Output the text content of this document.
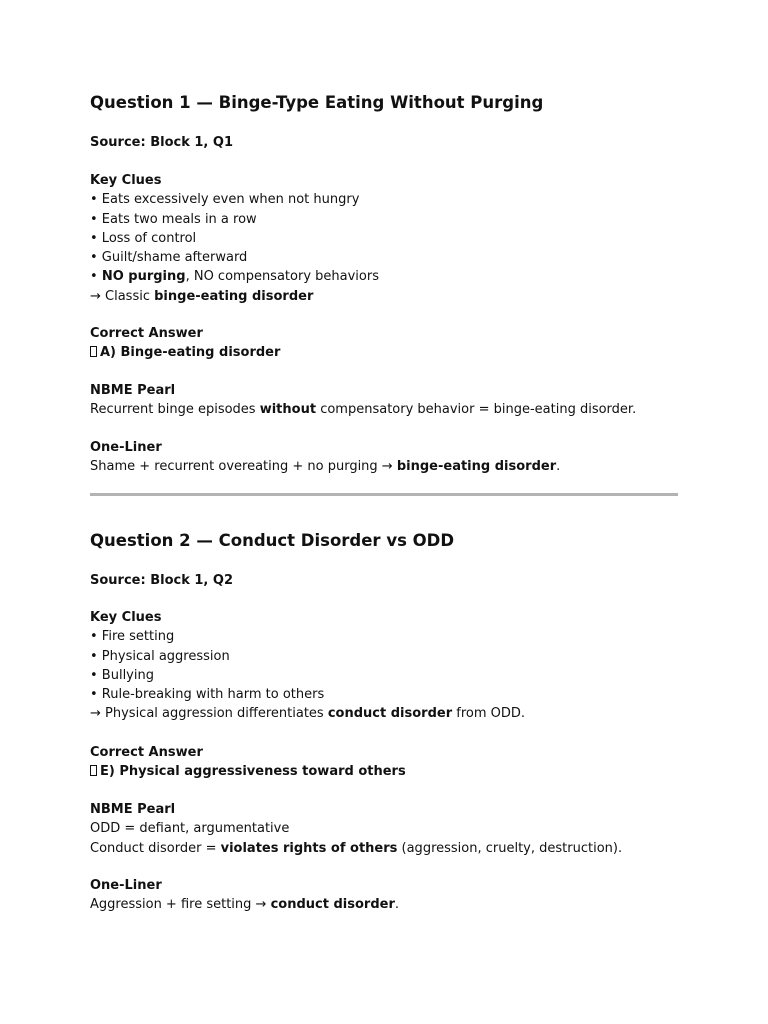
Question 1 — Binge-Type Eating Without Purging

Source: Block 1, Q1

Key Clues

• Eats excessively even when not hungry

• Eats two meals in a row

• Loss of control

• Guilt/shame afterward

• NO purging, NO compensatory behaviors

→ Classic binge-eating disorder

Correct Answer

A) Binge-eating disorder

NBME Pearl

Recurrent binge episodes without compensatory behavior = binge-eating disorder.

One-Liner

Shame + recurrent overeating + no purging → binge-eating disorder.

Question 2 — Conduct Disorder vs ODD

Source: Block 1, Q2

Key Clues

• Fire setting

• Physical aggression

• Bullying

• Rule-breaking with harm to others

→ Physical aggression differentiates conduct disorder from ODD.

Correct Answer

E) Physical aggressiveness toward others

NBME Pearl

ODD = defiant, argumentative

Conduct disorder = violates rights of others (aggression, cruelty, destruction).

One-Liner

Aggression + fire setting → conduct disorder.
